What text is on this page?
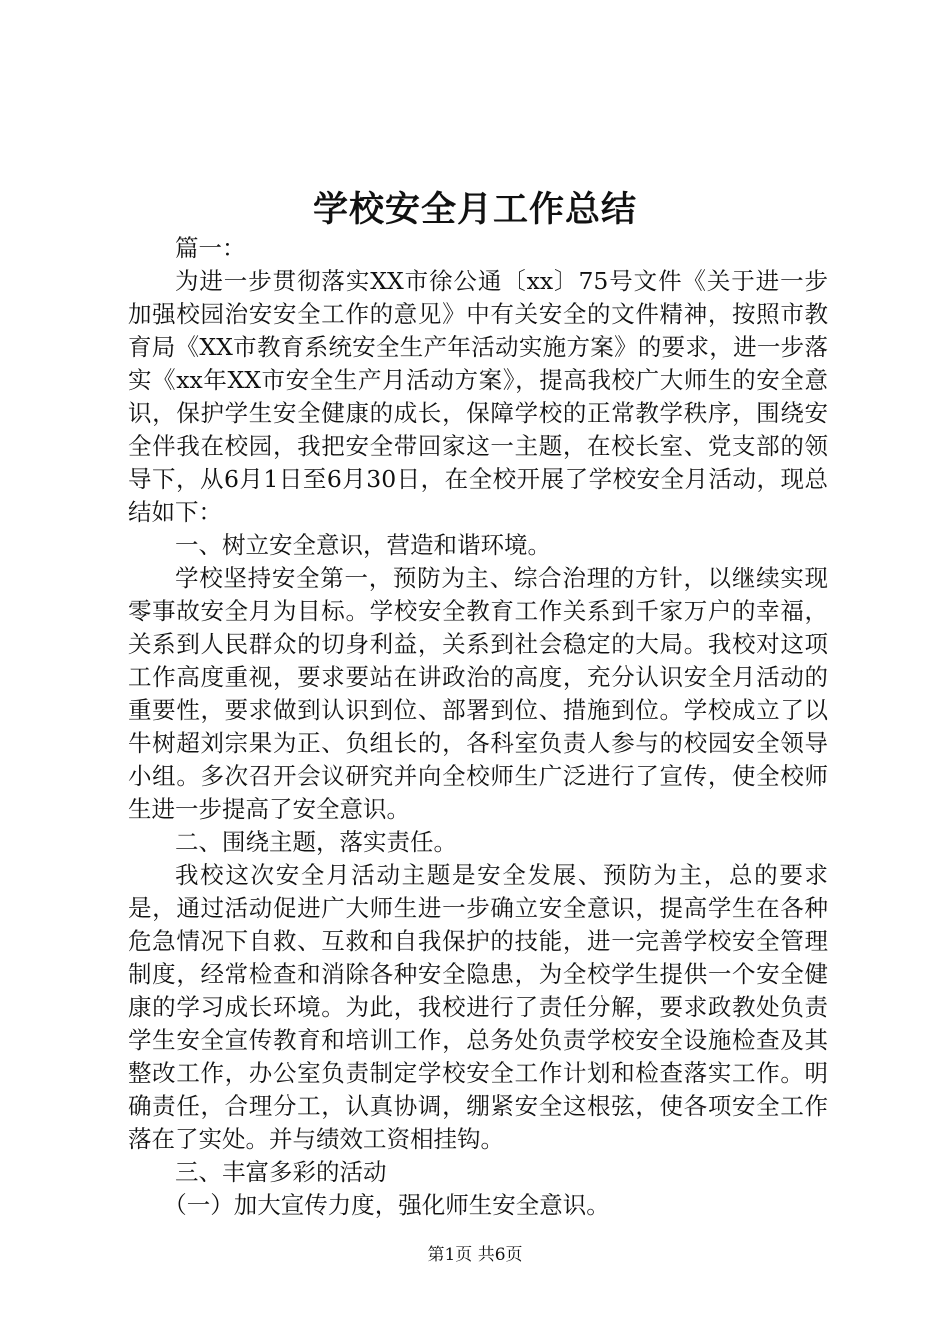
学校安全月工作总结

篇一：

为进一步贯彻落实XX市徐公通〔xx〕75号文件《关于进一步加强校园治安安全工作的意见》中有关安全的文件精神，按照市教育局《XX市教育系统安全生产年活动实施方案》的要求，进一步落实《xx年XX市安全生产月活动方案》，提高我校广大师生的安全意识，保护学生安全健康的成长，保障学校的正常教学秩序，围绕安全伴我在校园，我把安全带回家这一主题，在校长室、党支部的领导下，从6月1日至6月30日，在全校开展了学校安全月活动，现总结如下：

一、树立安全意识，营造和谐环境。

学校坚持安全第一，预防为主、综合治理的方针，以继续实现零事故安全月为目标。学校安全教育工作关系到千家万户的幸福，关系到人民群众的切身利益，关系到社会稳定的大局。我校对这项工作高度重视，要求要站在讲政治的高度，充分认识安全月活动的重要性，要求做到认识到位、部署到位、措施到位。学校成立了以牛树超刘宗果为正、负组长的，各科室负责人参与的校园安全领导小组。多次召开会议研究并向全校师生广泛进行了宣传，使全校师生进一步提高了安全意识。

二、围绕主题，落实责任。

我校这次安全月活动主题是安全发展、预防为主，总的要求是，通过活动促进广大师生进一步确立安全意识，提高学生在各种危急情况下自救、互救和自我保护的技能，进一完善学校安全管理制度，经常检查和消除各种安全隐患，为全校学生提供一个安全健康的学习成长环境。为此，我校进行了责任分解，要求政教处负责学生安全宣传教育和培训工作，总务处负责学校安全设施检查及其整改工作，办公室负责制定学校安全工作计划和检查落实工作。明确责任，合理分工，认真协调，绷紧安全这根弦，使各项安全工作落在了实处。并与绩效工资相挂钩。

三、丰富多彩的活动

（一）加大宣传力度，强化师生安全意识。

第1页 共6页
